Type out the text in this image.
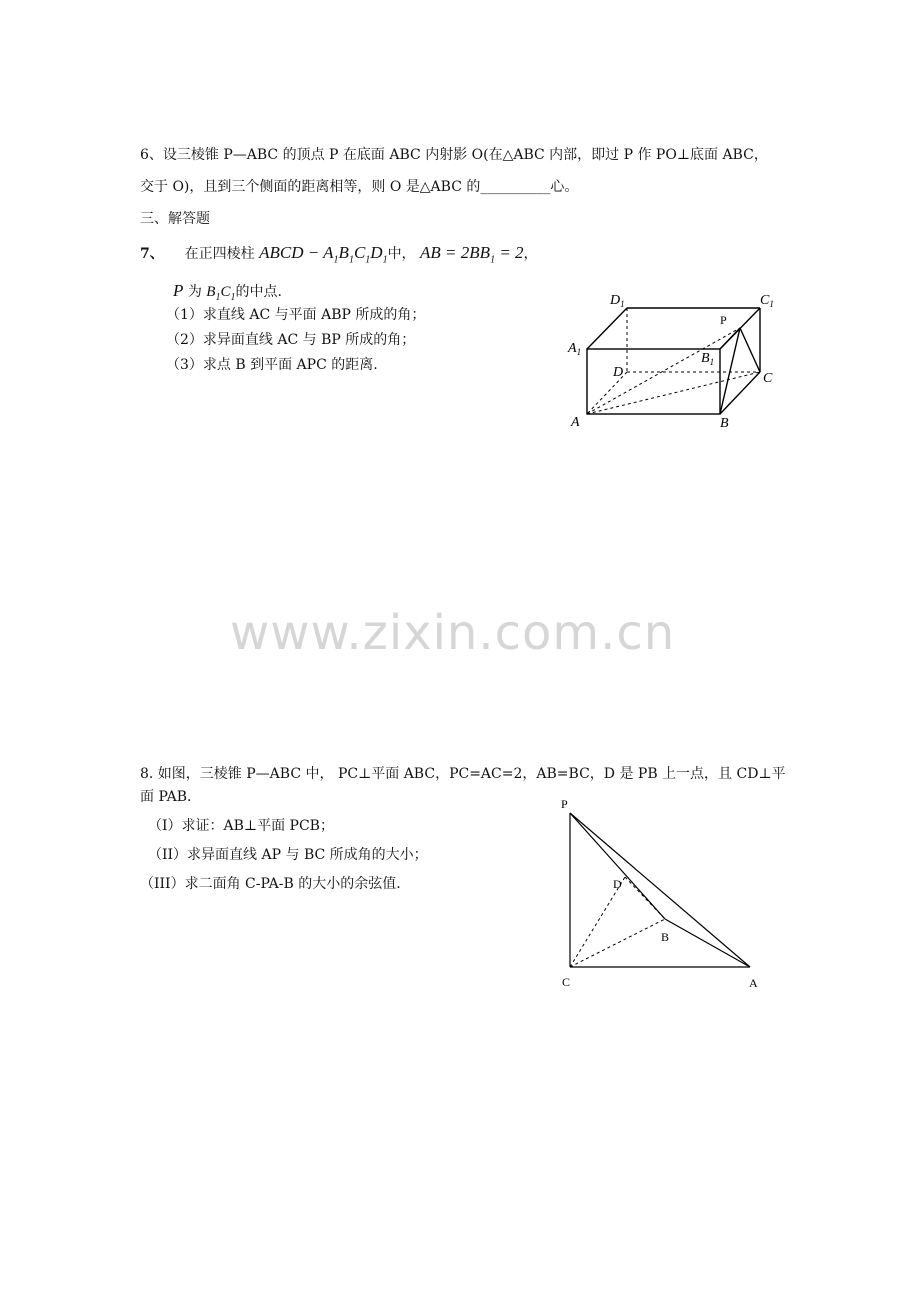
6、设三棱锥 P—ABC 的顶点 P 在底面 ABC 内射影 O(在△ABC 内部，即过 P 作 PO⊥底面 ABC，
交于 O)，且到三个侧面的距离相等，则 O 是△ABC 的__________心。
三、解答题
7、 在正四棱柱 ABCD − $A_1B_1C_1D_1$中， AB = $2BB_1 = 2$，
P 为 $B_1C_1$的中点.
（1）求直线 AC 与平面 ABP 所成的角；
（2）求异面直线 AC 与 BP 所成的角；
（3）求点 B 到平面 APC 的距离.
$D_1$	$C_1$
$A_1$	$B_1$
D	C
A	B
P
www.zixin.com.cn
8. 如图，三棱锥 P—ABC 中， PC⊥平面 ABC，PC=AC=2，AB=BC，D 是 PB 上一点，且 CD⊥平
面 PAB.
（I）求证：AB⊥平面 PCB；
（II）求异面直线 AP 与 BC 所成角的大小；
（III）求二面角 C-PA-B 的大小的余弦值.
P
D
B
C	A
